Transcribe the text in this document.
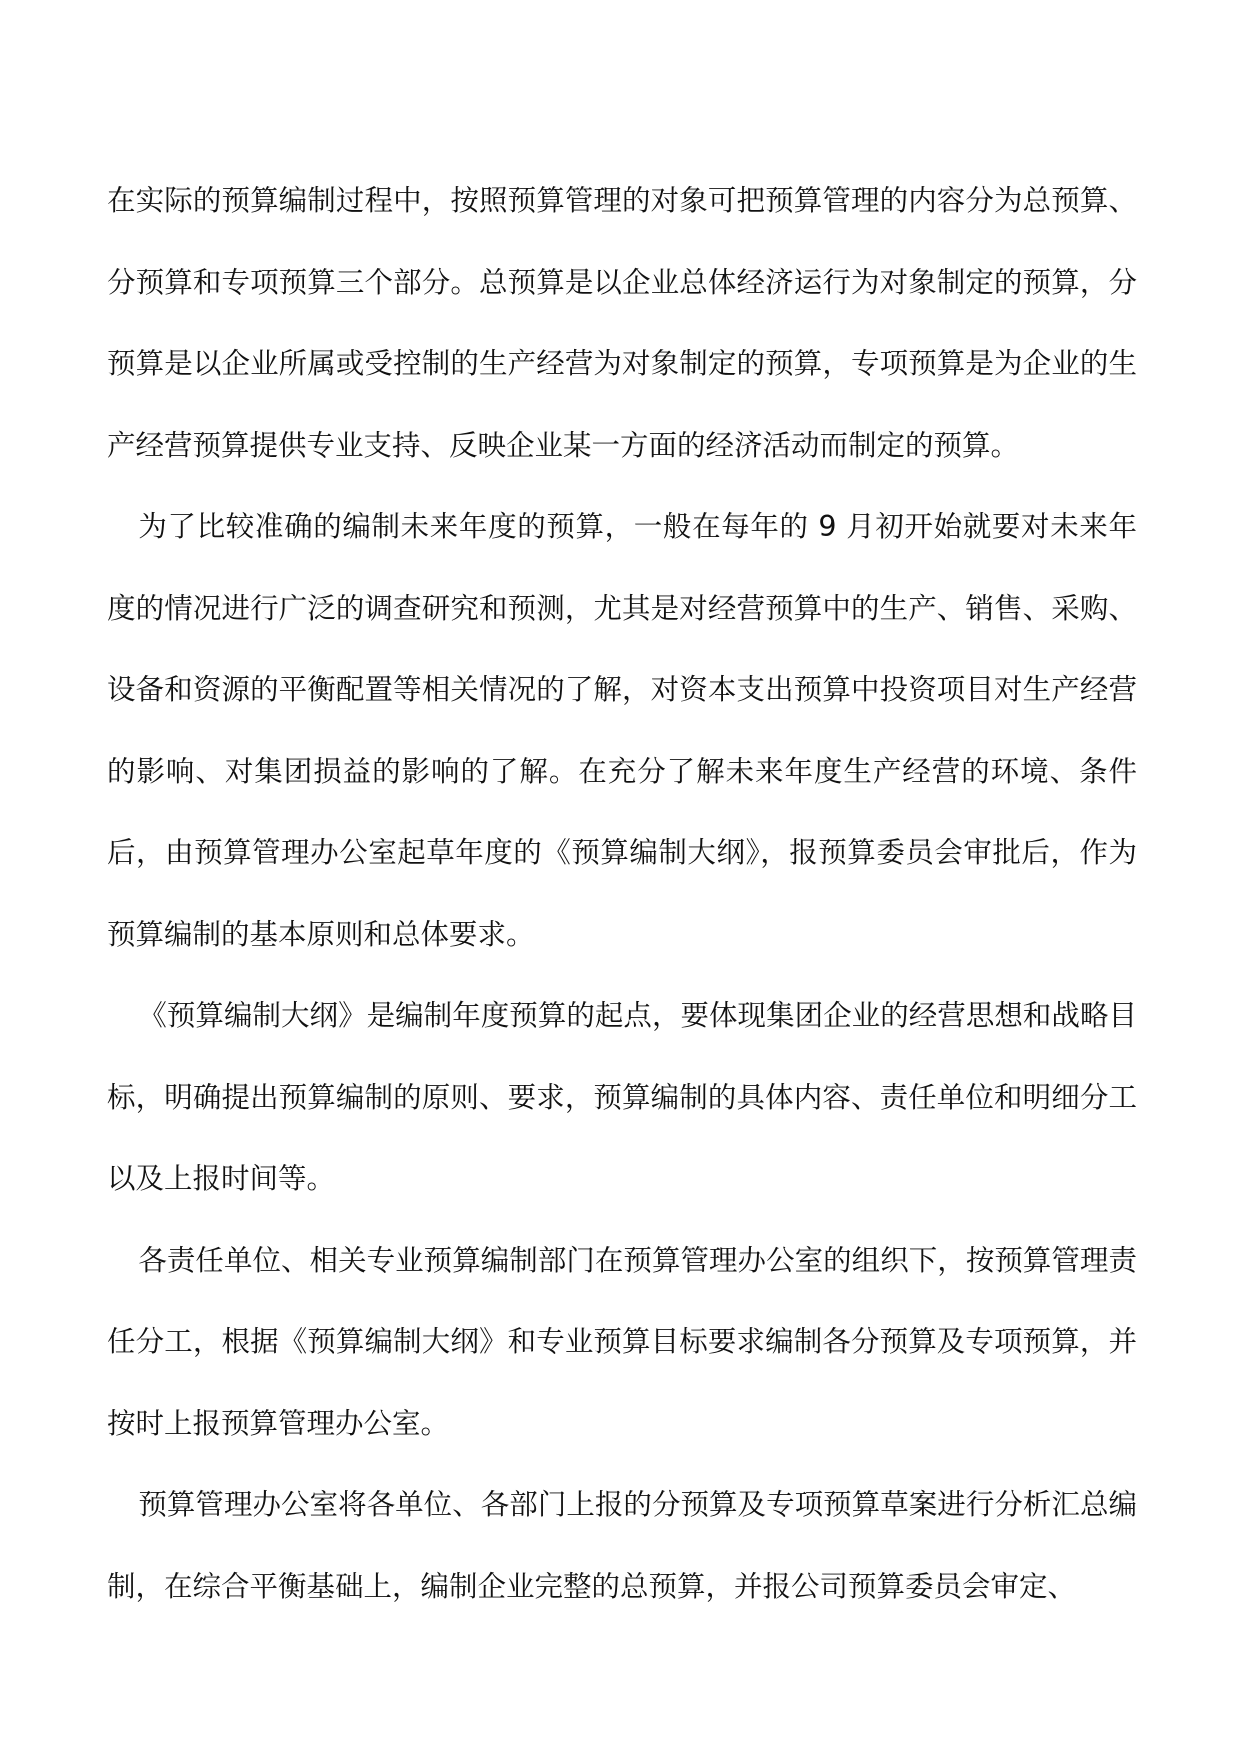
在实际的预算编制过程中，按照预算管理的对象可把预算管理的内容分为总预算、分预算和专项预算三个部分。总预算是以企业总体经济运行为对象制定的预算，分预算是以企业所属或受控制的生产经营为对象制定的预算，专项预算是为企业的生产经营预算提供专业支持、反映企业某一方面的经济活动而制定的预算。

为了比较准确的编制未来年度的预算，一般在每年的 9 月初开始就要对未来年度的情况进行广泛的调查研究和预测，尤其是对经营预算中的生产、销售、采购、设备和资源的平衡配置等相关情况的了解，对资本支出预算中投资项目对生产经营的影响、对集团损益的影响的了解。在充分了解未来年度生产经营的环境、条件后，由预算管理办公室起草年度的《预算编制大纲》，报预算委员会审批后，作为预算编制的基本原则和总体要求。

《预算编制大纲》是编制年度预算的起点，要体现集团企业的经营思想和战略目标，明确提出预算编制的原则、要求，预算编制的具体内容、责任单位和明细分工以及上报时间等。

各责任单位、相关专业预算编制部门在预算管理办公室的组织下，按预算管理责任分工，根据《预算编制大纲》和专业预算目标要求编制各分预算及专项预算，并按时上报预算管理办公室。

预算管理办公室将各单位、各部门上报的分预算及专项预算草案进行分析汇总编制，在综合平衡基础上，编制企业完整的总预算，并报公司预算委员会审定、
